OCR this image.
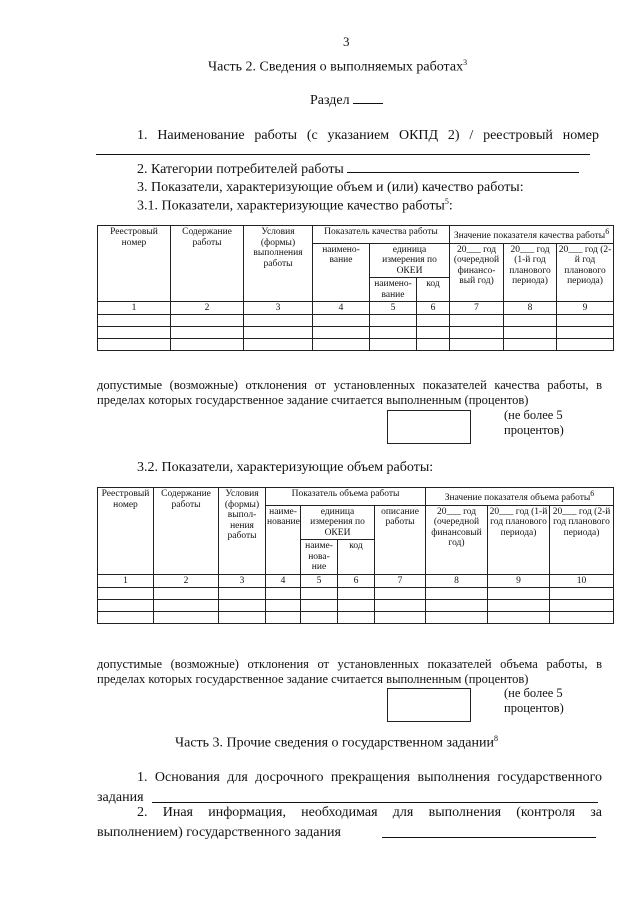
3
Часть 2. Сведения о выполняемых работах$^3$
Раздел
1. Наименование работы (с указанием ОКПД 2) / реестровый номер
2. Категории потребителей работы
3. Показатели, характеризующие объем и (или) качество работы:
3.1. Показатели, характеризующие качество работы$^5$:
Реестровый номер	Содержание работы	Условия (формы) выполнения работы	Показатель качества работы			Значение показателя качества работы$^6$
			наимено-вание	единица измерения по ОКЕИ		20___ год (очередной финансо-вый год)	20___ год (1-й год планового периода)	20___ год (2-й год планового периода)
				наимено-вание	код			
1	2	3	4	5	6	7	8	9

допустимые (возможные) отклонения от установленных показателей качества работы, в пределах которых государственное задание считается выполненным (процентов)
(не более 5 процентов)
3.2. Показатели, характеризующие объем работы:
Реестровый номер	Содержание работы	Условия (формы) выпол-нения работы	Показатель объема работы				Значение показателя объема работы$^6$
			наиме-нование	единица измерения по ОКЕИ		описание работы	20___ год (очередной финансовый год)	20___ год (1-й год планового периода)	20___ год (2-й год планового периода)
				наиме-нова-ние	код				
1	2	3	4	5	6	7	8	9	10

допустимые (возможные) отклонения от установленных показателей объема работы, в пределах которых государственное задание считается выполненным (процентов)
(не более 5 процентов)
Часть 3. Прочие сведения о государственном задании$^8$
1. Основания для досрочного прекращения выполнения государственного задания
2. Иная информация, необходимая для выполнения (контроля за выполнением) государственного задания
